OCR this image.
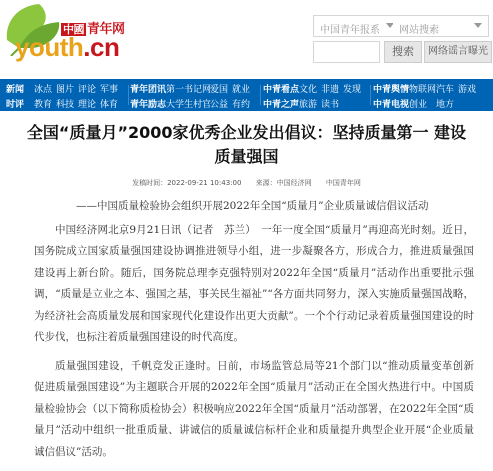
中國 青年网
youth.cn
中国青年报系	网站搜索
搜索	网络谣言曝光
新闻
时评
冰点 图片 评论 军事
教育 科技 理论 体育
青年团讯 第一书记网
爱国 就业
青年励志 大学生村官
公益 有约
中青看点 文化 非遗 发现
中青之声 旅游 读书
中青舆情 物联网 汽车 游戏
中青电视 创业 地方
全国“质量月”2000家优秀企业发出倡议：坚持质量第一 建设
质量强国
发稿时间：2022-09-21 10:43:00 来源：中国经济网 中国青年网

——中国质量检验协会组织开展2022年全国“质量月”企业质量诚信倡议活动

中国经济网北京9月21日讯（记者　苏兰）　一年一度全国“质量月”再迎高光时刻。近日，国务院成立国家质量强国建设协调推进领导小组，进一步凝聚各方，形成合力，推进质量强国建设再上新台阶。随后，国务院总理李克强特别对2022年全国“质量月”活动作出重要批示强调，“质量是立业之本、强国之基，事关民生福祉”“各方面共同努力，深入实施质量强国战略，为经济社会高质量发展和国家现代化建设作出更大贡献”。一个个行动记录着质量强国建设的时代步伐，也标注着质量强国建设的时代高度。

质量强国建设，千帆竞发正逢时。日前，市场监管总局等21个部门以“推动质量变革创新　促进质量强国建设”为主题联合开展的2022年全国“质量月”活动正在全国火热进行中。中国质量检验协会（以下简称质检协会）积极响应2022年全国“质量月”活动部署，在2022年全国“质量月”活动中组织一批重质量、讲诚信的质量诚信标杆企业和质量提升典型企业开展“企业质量诚信倡议”活动。
